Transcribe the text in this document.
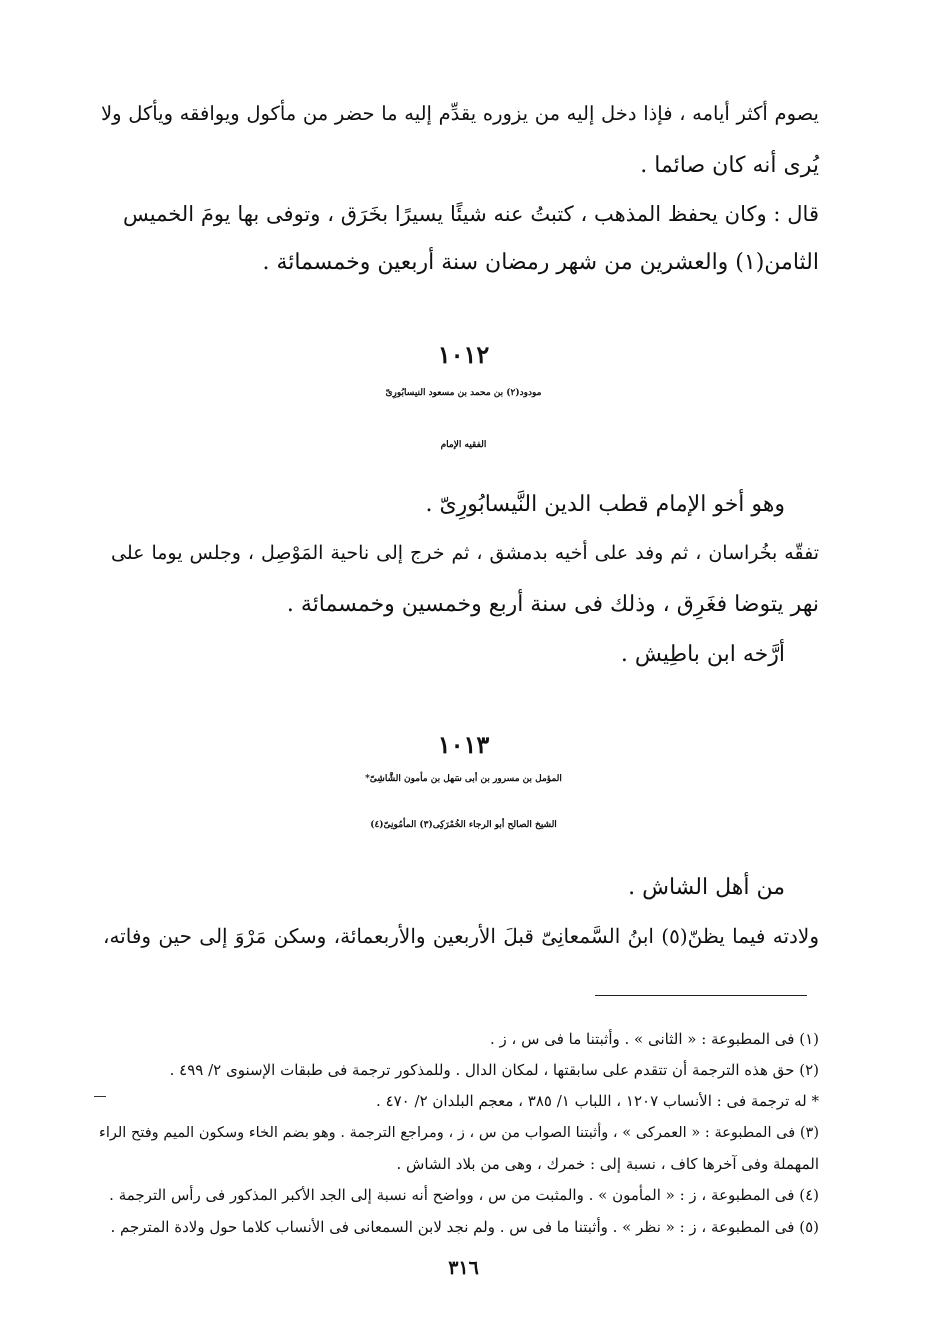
يصوم أكثر أيامه ، فإذا دخل إليه من يزوره يقدِّم إليه ما حضر من مأكول ويوافقه ويأكل ولا
يُرى أنه كان صائما .
قال : وكان يحفظ المذهب ، كتبتُ عنه شيئًا يسيرًا بخَرَق ، وتوفى بها يومَ الخميس
الثامن(١) والعشرين من شهر رمضان سنة أربعين وخمسمائة .
١٠١٢
مودود(٢) بن محمد بن مسعود النيسابُورِىّ
الفقيه الإمام
وهو أخو الإمام قطب الدين النَّيسابُورِىّ .
تفقّه بخُراسان ، ثم وفد على أخيه بدمشق ، ثم خرج إلى ناحية المَوْصِل ، وجلس يوما على
نهر يتوضا فغَرِق ، وذلك فى سنة أربع وخمسين وخمسمائة .
أرَّخه ابن باطِيش .
١٠١٣
المؤمل بن مسرور بن أبى سَهل بن مأمون الشَّاشِىّ*
الشيخ الصالح أبو الرجاء الخُمْرَكِى(٣) المأمُونِىّ(٤)
من أهل الشاش .
ولادته فيما يظنّ(٥) ابنُ السَّمعانِىّ قبلَ الأربعين والأربعمائة، وسكن مَرْوَ إلى حين وفاته،
(١) فى المطبوعة : « الثانى » . وأثبتنا ما فى س ، ز .
(٢) حق هذه الترجمة أن تتقدم على سابقتها ، لمكان الدال . وللمذكور ترجمة فى طبقات الإسنوى ٢/ ٤٩٩ .
* له ترجمة فى : الأنساب ١٢٠٧ ، اللباب ١/ ٣٨٥ ، معجم البلدان ٢/ ٤٧٠ .
(٣) فى المطبوعة : « العمركى » ، وأثبتنا الصواب من س ، ز ، ومراجع الترجمة . وهو بضم الخاء وسكون الميم وفتح الراء
المهملة وفى آخرها كاف ، نسبة إلى : خمرك ، وهى من بلاد الشاش .
(٤) فى المطبوعة ، ز : « المأمون » . والمثبت من س ، وواضح أنه نسبة إلى الجد الأكبر المذكور فى رأس الترجمة .
(٥) فى المطبوعة ، ز : « نظر » . وأثبتنا ما فى س . ولم نجد لابن السمعانى فى الأنساب كلاما حول ولادة المترجم .
٣١٦
